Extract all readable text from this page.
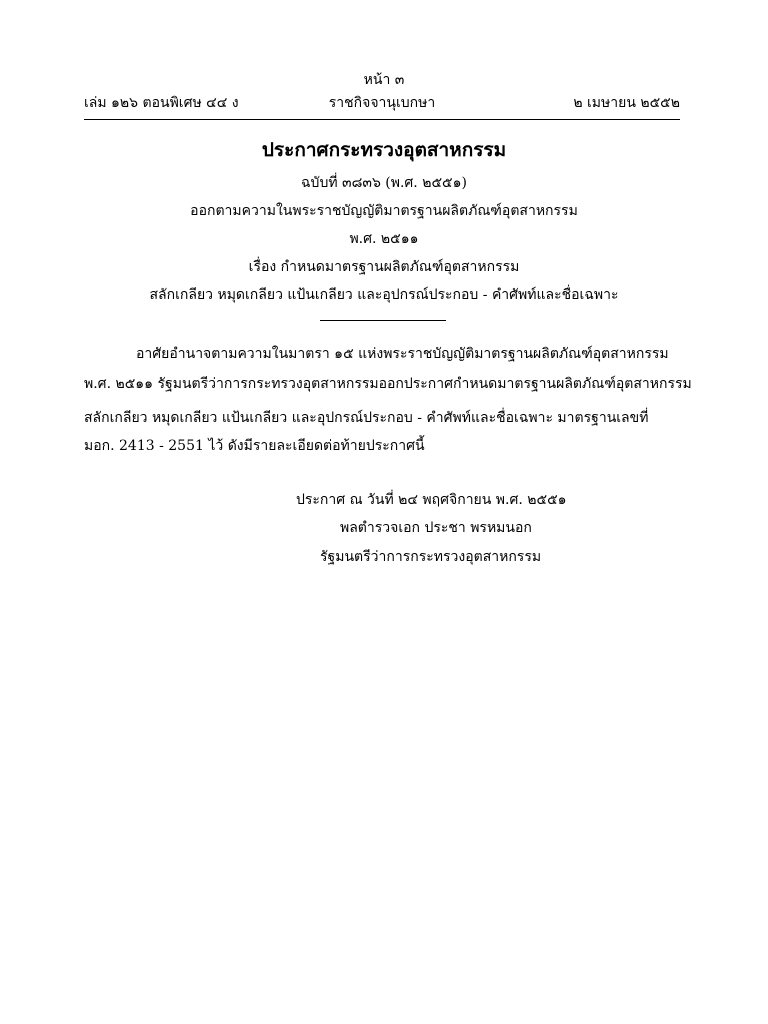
หน้า ๓
เล่ม ๑๒๖ ตอนพิเศษ ๔๔ ง	ราชกิจจานุเบกษา	๒ เมษายน ๒๕๕๒
ประกาศกระทรวงอุตสาหกรรม
ฉบับที่ ๓๘๓๖ (พ.ศ. ๒๕๕๑)
ออกตามความในพระราชบัญญัติมาตรฐานผลิตภัณฑ์อุตสาหกรรม
พ.ศ. ๒๕๑๑
เรื่อง กำหนดมาตรฐานผลิตภัณฑ์อุตสาหกรรม
สลักเกลียว หมุดเกลียว แป้นเกลียว และอุปกรณ์ประกอบ - คำศัพท์และชื่อเฉพาะ
อาศัยอำนาจตามความในมาตรา ๑๕ แห่งพระราชบัญญัติมาตรฐานผลิตภัณฑ์อุตสาหกรรม
พ.ศ. ๒๕๑๑ รัฐมนตรีว่าการกระทรวงอุตสาหกรรมออกประกาศกำหนดมาตรฐานผลิตภัณฑ์อุตสาหกรรม
สลักเกลียว หมุดเกลียว แป้นเกลียว และอุปกรณ์ประกอบ - คำศัพท์และชื่อเฉพาะ มาตรฐานเลขที่
มอก. 2413 - 2551 ไว้ ดังมีรายละเอียดต่อท้ายประกาศนี้
ประกาศ ณ วันที่ ๒๔ พฤศจิกายน พ.ศ. ๒๕๕๑
พลตำรวจเอก ประชา พรหมนอก
รัฐมนตรีว่าการกระทรวงอุตสาหกรรม
